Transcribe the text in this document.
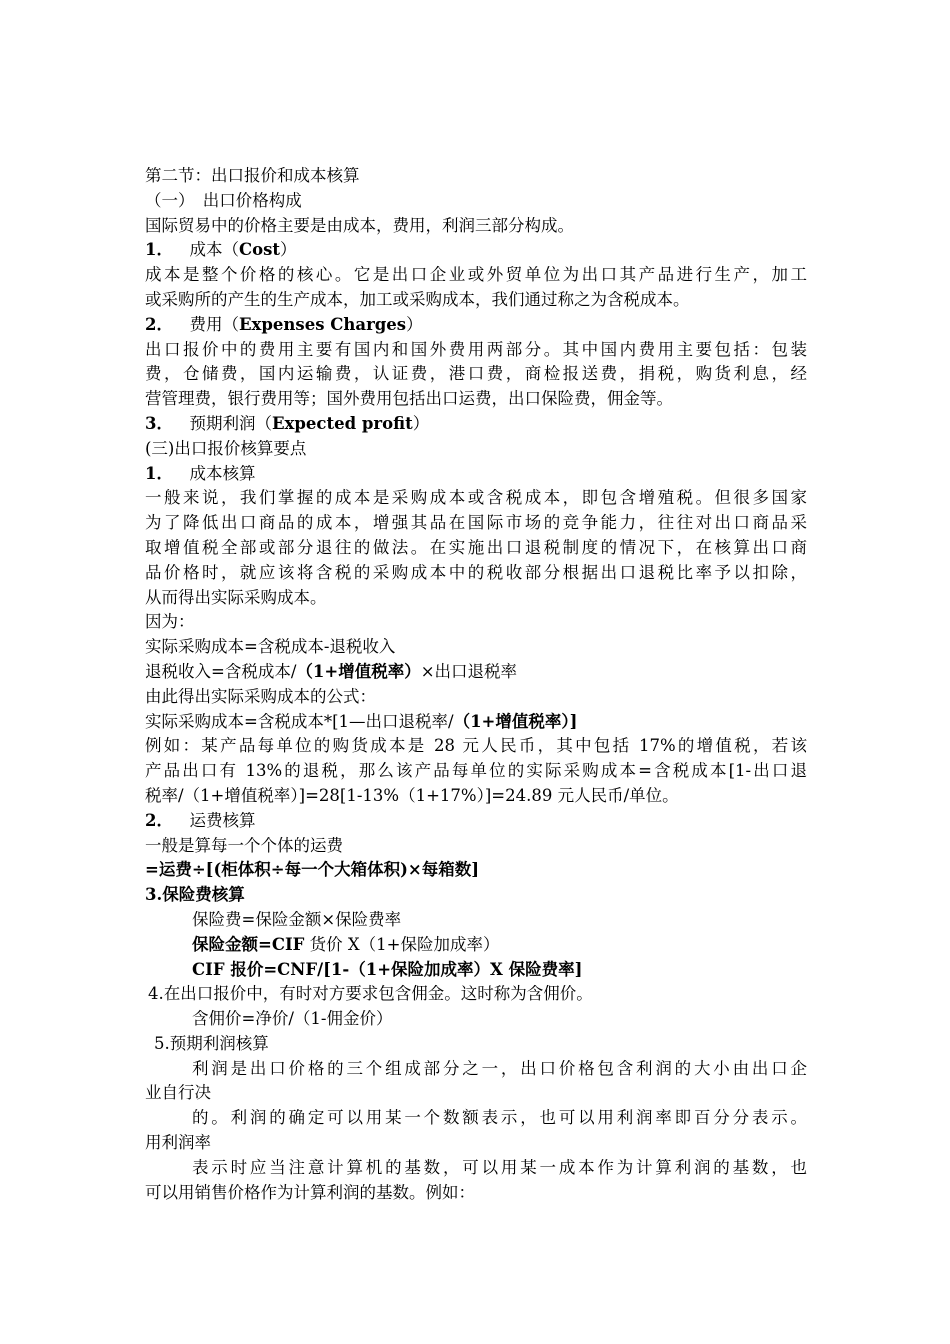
第二节：出口报价和成本核算
（一）　出口价格构成
国际贸易中的价格主要是由成本，费用，利润三部分构成。
1．  成本（Cost）
成本是整个价格的核心。它是出口企业或外贸单位为出口其产品进行生产，加工
或采购所的产生的生产成本，加工或采购成本，我们通过称之为含税成本。
2．  费用（Expenses Charges）
出口报价中的费用主要有国内和国外费用两部分。其中国内费用主要包括：包装
费，仓储费，国内运输费，认证费，港口费，商检报送费，捐税，购货利息，经
营管理费，银行费用等；国外费用包括出口运费，出口保险费，佣金等。
3．  预期利润（Expected profit）
(三)出口报价核算要点
1．  成本核算
一般来说，我们掌握的成本是采购成本或含税成本，即包含增殖税。但很多国家
为了降低出口商品的成本，增强其品在国际市场的竞争能力，往往对出口商品采
取增值税全部或部分退往的做法。在实施出口退税制度的情况下，在核算出口商
品价格时，就应该将含税的采购成本中的税收部分根据出口退税比率予以扣除，
从而得出实际采购成本。
因为：
实际采购成本=含税成本-退税收入
退税收入=含税成本/（1+增值税率）×出口退税率
由此得出实际采购成本的公式：
实际采购成本=含税成本*[1—出口退税率/（1+增值税率）]
例如：某产品每单位的购货成本是 28 元人民币，其中包括 17%的增值税，若该
产品出口有 13%的退税，那么该产品每单位的实际采购成本=含税成本[1-出口退
税率/（1+增值税率）]=28[1-13%（1+17%）]=24.89 元人民币/单位。
2．  运费核算
一般是算每一个个体的运费
=运费÷[(柜体积÷每一个大箱体积)×每箱数]
3.保险费核算
保险费=保险金额×保险费率
保险金额=CIF 货价 X（1+保险加成率）
CIF 报价=CNF/[1-（1+保险加成率）X 保险费率]
4.在出口报价中，有时对方要求包含佣金。这时称为含佣价。
含佣价=净价/（1-佣金价）
5.预期利润核算
利润是出口价格的三个组成部分之一，出口价格包含利润的大小由出口企
业自行决
的。利润的确定可以用某一个数额表示，也可以用利润率即百分分表示。
用利润率
表示时应当注意计算机的基数，可以用某一成本作为计算利润的基数，也
可以用销售价格作为计算利润的基数。例如：
